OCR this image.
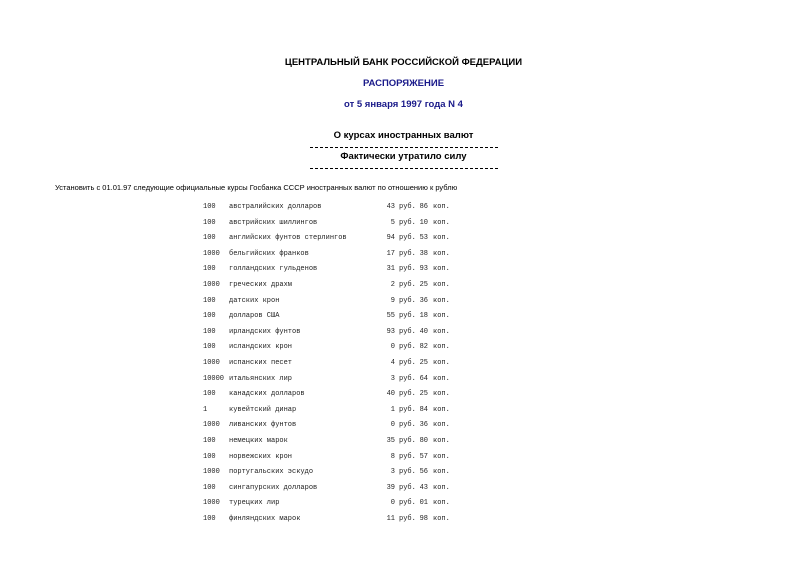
ЦЕНТРАЛЬНЫЙ БАНК РОССИЙСКОЙ ФЕДЕРАЦИИ
РАСПОРЯЖЕНИЕ
от 5 января 1997 года N 4
О курсах иностранных валют
Фактически утратило силу
Установить с 01.01.97 следующие официальные курсы Госбанка СССР иностранных валют по отношению к рублю
100 австралийских долларов	43 руб. 86 коп.
100 австрийских шиллингов	5 руб. 10 коп.
100 английских фунтов стерлингов	94 руб. 53 коп.
1000 бельгийских франков	17 руб. 38 коп.
100 голландских гульденов	31 руб. 93 коп.
1000 греческих драхм	2 руб. 25 коп.
100 датских крон	9 руб. 36 коп.
100 долларов США	55 руб. 18 коп.
100 ирландских фунтов	93 руб. 40 коп.
100 исландских крон	0 руб. 82 коп.
1000 испанских песет	4 руб. 25 коп.
10000 итальянских лир	3 руб. 64 коп.
100 канадских долларов	40 руб. 25 коп.
1	кувейтский динар	1 руб. 84 коп.
1000 ливанских фунтов	0 руб. 36 коп.
100 немецких марок	35 руб. 80 коп.
100 норвежских крон	8 руб. 57 коп.
1000 португальских эскудо	3 руб. 56 коп.
100 сингапурских долларов	39 руб. 43 коп.
1000 турецких лир	0 руб. 01 коп.
100 финляндских марок	11 руб. 98 коп.
